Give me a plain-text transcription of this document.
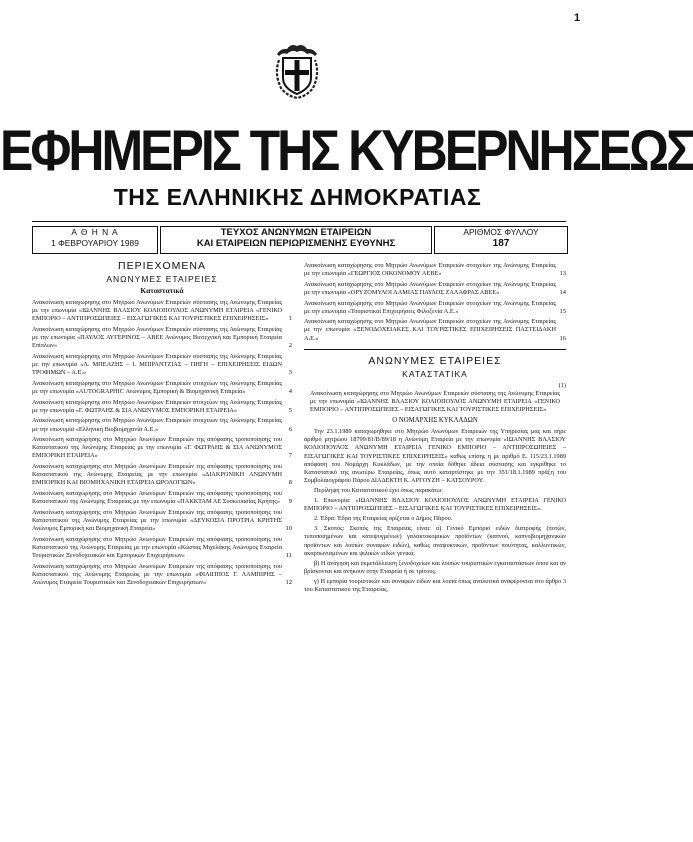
1
ΕΦΗΜΕΡΙΣ ΤΗΣ ΚΥΒΕΡΝΗΣΕΩΣ
ΤΗΣ ΕΛΛΗΝΙΚΗΣ ΔΗΜΟΚΡΑΤΙΑΣ
Α Θ Η Ν Α
1 ΦΕΒΡΟΥΑΡΙΟΥ 1989
ΤΕΥΧΟΣ ΑΝΩΝΥΜΩΝ ΕΤΑΙΡΕΙΩΝ
ΚΑΙ ΕΤΑΙΡΕΙΩΝ ΠΕΡΙΩΡΙΣΜΕΝΗΣ ΕΥΘΥΝΗΣ
ΑΡΙΘΜΟΣ ΦΥΛΛΟΥ
187
ΠΕΡΙΕΧΟΜΕΝΑ
ΑΝΩΝΥΜΕΣ ΕΤΑΙΡΕΙΕΣ
Καταστατικά
Ανακοίνωση καταχώρησης στο Μητρώο Ανωνύμων Εταιρειών σύστασης της Ανώνυμης Εταιρείας με την επωνυμία «ΙΩΑΝΝΗΣ ΒΛΑΣΙΟΥ ΚΟΛΙΟΠΟΥΛΟΣ ΑΝΩΝΥΜΗ ΕΤΑΙΡΕΙΑ «ΓΕΝΙΚΟ ΕΜΠΟΡΙΟ – ΑΝΤΙΠΡΟΣΩΠΕΙΕΣ – ΕΙΣΑΓΩΓΙΚΕΣ ΚΑΙ ΤΟΥΡΙΣΤΙΚΕΣ ΕΠΙΧΕΙΡΗΣΕΙΣ»	1
Ανακοίνωση καταχώρησης στο Μητρώο Ανωνύμων Εταιρειών σύστασης της Ανώνυμης Εταιρείας με την επωνυμία «ΠΑΥΛΟΣ ΑΥΓΕΡΙΝΟΣ – ΑΒΕΕ Ανώνυμος Βιοτεχνική και Εμπορική Εταιρεία Επίπλων»	2
Ανακοίνωση καταχώρησης στο Μητρώο Ανωνύμων Εταιρειών σύστασης της Ανώνυμης Εταιρείας με την επωνυμία «Λ. ΜΠΕΑΖΗΣ – Ι. ΜΠΙΡΑΝΤΖΙΑΣ – ΠΗΓΗ – ΕΠΙΧΕΙΡΗΣΕΙΣ ΕΙΔΩΝ ΤΡΟΦΙΜΩΝ – Α.Ε.»	3
Ανακοίνωση καταχώρησης στο Μητρώο Ανωνύμων Εταιρειών στοιχείων της Ανώνυμης Εταιρείας με την επωνυμία «AUTOGRAPHIC Ανώνυμος Εμπορική & Βιομηχανική Εταιρεία»	4
Ανακοίνωση καταχώρησης στο Μητρώο Ανωνύμων Εταιρειών στοιχείων της Ανώνυμης Εταιρείας με την επωνυμία «Γ. ΦΩΤΡΑΗΣ & ΣΙΑ ΑΝΩΝΥΜΟΣ ΕΜΠΟΡΙΚΗ ΕΤΑΙΡΕΙΑ»	5
Ανακοίνωση καταχώρησης στο Μητρώο Ανωνύμων Εταιρειών στοιχείων της Ανώνυμης Εταιρείας με την επωνυμία «Ελληνική Βιοβιομηχανία Α.Ε.»	6
Ανακοίνωση καταχώρησης στο Μητρώο Ανωνύμων Εταιρειών της απόφασης τροποποίησης του Καταστατικού της Ανώνυμης Εταιρείας με την επωνυμία «Γ. ΦΩΤΡΑΗΣ & ΣΙΑ ΑΝΩΝΥΜΟΣ ΕΜΠΟΡΙΚΗ ΕΤΑΙΡΕΙΑ»	7
Ανακοίνωση καταχώρησης στο Μητρώο Ανωνύμων Εταιρειών της απόφασης τροποποίησης του Καταστατικού της Ανώνυμης Εταιρείας με την επωνυμία «ΔΙΑΚΡΟΝΙΚΗ ΑΝΩΝΥΜΗ ΕΜΠΟΡΙΚΗ ΚΑΙ ΒΙΟΜΗΧΑΝΙΚΗ ΕΤΑΙΡΕΙΑ ΩΡΟΛΟΓΙΩΝ»	8
Ανακοίνωση καταχώρησης στο Μητρώο Ανωνύμων Εταιρειών της απόφασης τροποποίησης του Καταστατικού της Ανώνυμης Εταιρείας με την επωνυμία «ΠΑΚΚΤΑΜ ΑΕ Συσκευασίας Κρήτης» 9
Ανακοίνωση καταχώρησης στο Μητρώο Ανωνύμων Εταιρειών της απόφασης τροποποίησης του Καταστατικού της Ανώνυμης Εταιρείας με την επωνυμία «ΔΕΥΚΟΣΙΑ ΠΡΟΤΡΙΑ ΚΡΗΤΗΣ Ανώνυμος Εμπορική και Βιομηχανική Εταιρεία»	10
Ανακοίνωση καταχώρησης στο Μητρώο Ανωνύμων Εταιρειών της απόφασης τροποποίησης του Καταστατικού της Ανώνυμης Εταιρείας με την επωνυμία «Κώστας Μιχελάκης Ανώνυμος Εταιρεία Τουριστικών Ξενοδοχειακών και Εμπορικών Επιχειρήσεων»	11
Ανακοίνωση καταχώρησης στο Μητρώο Ανωνύμων Εταιρειών της απόφασης τροποποίησης του Καταστατικού της Ανώνυμης Εταιρείας με την επωνυμία «ΦΙΛΙΠΠΟΣ Γ. ΛΑΜΠΙΡΗΣ – Ανώνυμος Εταιρεία Τουριστικών και Ξενοδοχειακών Επιχειρήσεων»	12
Ανακοίνωση καταχώρησης στο Μητρώο Ανωνύμων Εταιρειών στοιχείων της Ανώνυμης Εταιρείας με την επωνυμία «ΓΕΩΡΓΙΟΣ ΟΙΚΟΝΟΜΟΥ ΑΕΒΕ»	13
Ανακοίνωση καταχώρησης στο Μητρώο Ανωνύμων Εταιρειών στοιχείων της Ανώνυμης Εταιρείας με την επωνυμία «ΟΡΥΖΟΜΥΛΟΙ ΛΑΜΙΑΣ ΠΑΥΛΟΣ ΖΑΛΑΦΡΑΣ ΑΒΕΕ»	14
Ανακοίνωση καταχώρησης στο Μητρώο Ανωνύμων Εταιρειών στοιχείων της Ανώνυμης Εταιρείας με την επωνυμία «Τουριστικαί Επιχειρήσεις Φιλοξενία Α.Ε.»	15
Ανακοίνωση καταχώρησης στο Μητρώο Ανωνύμων Εταιρειών στοιχείων της Ανώνυμης Εταιρείας με την επωνυμία «ΞΕΝΟΔΟΧΕΙΑΚΕΣ ΚΑΙ ΤΟΥΡΙΣΤΙΚΕΣ ΕΠΙΧΕΙΡΗΣΕΙΣ ΠΑΣΤΕΙΔΑΚΗ Α.Ε.»	16
ΑΝΩΝΥΜΕΣ ΕΤΑΙΡΕΙΕΣ
ΚΑΤΑΣΤΑΤΙΚΑ
(1)
Ανακοίνωση καταχώρησης στο Μητρώο Ανωνύμων Εταιρειών σύστασης της Ανώνυμης Εταιρείας με την επωνυμία «ΙΩΑΝΝΗΣ ΒΛΑΣΙΟΥ ΚΟΛΙΟΠΟΥΛΟΣ ΑΝΩΝΥΜΗ ΕΤΑΙΡΕΙΑ «ΓΕΝΙΚΟ ΕΜΠΟΡΙΟ – ΑΝΤΙΠΡΟΣΩΠΕΙΕΣ – ΕΙΣΑΓΩΓΙΚΕΣ ΚΑΙ ΤΟΥΡΙΣΤΙΚΕΣ ΕΠΙΧΕΙΡΗΣΕΙΣ»
Ο ΝΟΜΑΡΧΗΣ ΚΥΚΛΑΔΩΝ
Την 23.1.1989 καταχωρήθηκε στο Μητρώο Ανωνύμων Εταιρειών της Υπηρεσίας μας και πήρε αριθμό μητρώου 18799/81/Β/89/18 η Ανώνυμη Εταιρεία με την επωνυμία «ΙΩΑΝΝΗΣ ΒΛΑΣΙΟΥ ΚΟΛΙΟΠΟΥΛΟΣ ΑΝΩΝΥΜΗ ΕΤΑΙΡΕΙΑ ΓΕΝΙΚΟ ΕΜΠΟΡΙΟ – ΑΝΤΙΠΡΟΣΩΠΕΙΕΣ – ΕΙΣΑΓΩΓΙΚΕΣ ΚΑΙ ΤΟΥΡΙΣΤΙΚΕΣ ΕΠΙΧΕΙΡΗΣΕΙΣ» καθώς επίσης η με αριθμό Ε. 115/23.1.1989 απόφαση του Νομάρχη Κυκλάδων, με την οποία δόθηκε άδεια σύστασης και εγκρίθηκε το Καταστατικό της ανωτέρω Εταιρείας, όπως αυτό καταρτίστηκε με την 351/18.1.1989 πράξη του Συμβολαιογράφου Πάρου ΔΙΑΔΕΚΤΗ Κ. ΑΡΓΟΥΖΗ – ΚΑΤΣΟΥΡΟΥ.
Περίληψη του Καταστατικού έχει όπως παρακάτω:
1. Επωνυμία: «ΙΩΑΝΝΗΣ ΒΛΑΣΙΟΥ ΚΟΛΙΟΠΟΥΛΟΣ ΑΝΩΝΥΜΗ ΕΤΑΙΡΕΙΑ ΓΕΝΙΚΟ ΕΜΠΟΡΙΟ – ΑΝΤΙΠΡΟΣΩΠΕΙΕΣ – ΕΙΣΑΓΩΓΙΚΕΣ ΚΑΙ ΤΟΥΡΙΣΤΙΚΕΣ ΕΠΙΧΕΙΡΗΣΕΙΣ».
2. Έδρα: Έδρα της Εταιρείας ορίζεται ο Δήμος Πάρου.
3. Σκοπός: Σκοπός της Εταιρείας είναι: α) Γενικό Εμπόριο ειδών διατροφής (ποτών, τυποποιημένων και κατεψυγμένων) γαλακτοκομικών προϊόντων (καπνού, καπνοβιομηχανικών προϊόντων και λοιπών συναφών ειδών), καθώς αναψυκτικών, προϊόντων ποιότητας, καλλυντικών, ακαρπωνισμένων και ψιλικών ειδών γενικά.
β) Η ανάγηση και εκμετάλλευση ξενοδοχείων και λοιπών τουριστικών εγκαταστάσεων όπου και αν βρίσκονται και ανήκουν στην Εταιρεία ή σε τρίτους.
γ) Η εμπορία τουριστικών και συναφών ειδών και λοιπά όπως αναλυτικά αναφέρονται στο άρθρο 3 του Καταστατικού της Εταιρείας.
